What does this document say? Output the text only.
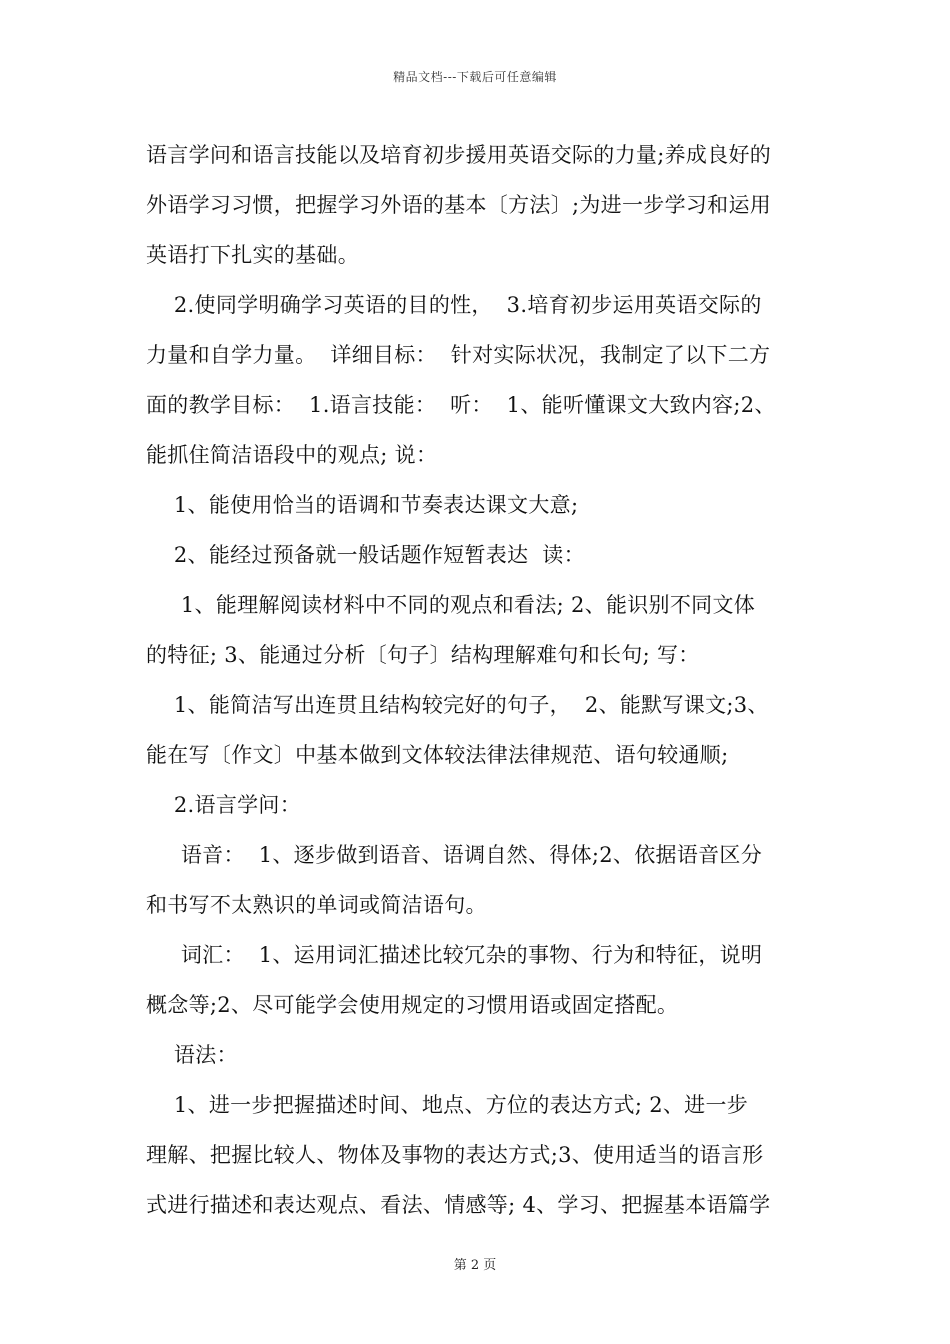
精品文档---下载后可任意编辑
语言学问和语言技能以及培育初步援用英语交际的力量;养成良好的
外语学习习惯，把握学习外语的基本〔方法〕;为进一步学习和运用
英语打下扎实的基础。
2.使同学明确学习英语的目的性，  3.培育初步运用英语交际的
力量和自学力量。  详细目标：  针对实际状况，我制定了以下二方
面的教学目标：  1.语言技能：  听：  1、能听懂课文大致内容;2、
能抓住简洁语段中的观点; 说：
1、能使用恰当的语调和节奏表达课文大意;
2、能经过预备就一般话题作短暂表达  读：
1、能理解阅读材料中不同的观点和看法; 2、能识别不同文体
的特征; 3、能通过分析〔句子〕结构理解难句和长句; 写：
1、能简洁写出连贯且结构较完好的句子，  2、能默写课文;3、
能在写〔作文〕中基本做到文体较法律法律规范、语句较通顺;
2.语言学问：
语音：  1、逐步做到语音、语调自然、得体;2、依据语音区分
和书写不太熟识的单词或简洁语句。
词汇：  1、运用词汇描述比较冗杂的事物、行为和特征，说明
概念等;2、尽可能学会使用规定的习惯用语或固定搭配。
语法：
1、进一步把握描述时间、地点、方位的表达方式; 2、进一步
理解、把握比较人、物体及事物的表达方式;3、使用适当的语言形
式进行描述和表达观点、看法、情感等; 4、学习、把握基本语篇学
第 2 页
